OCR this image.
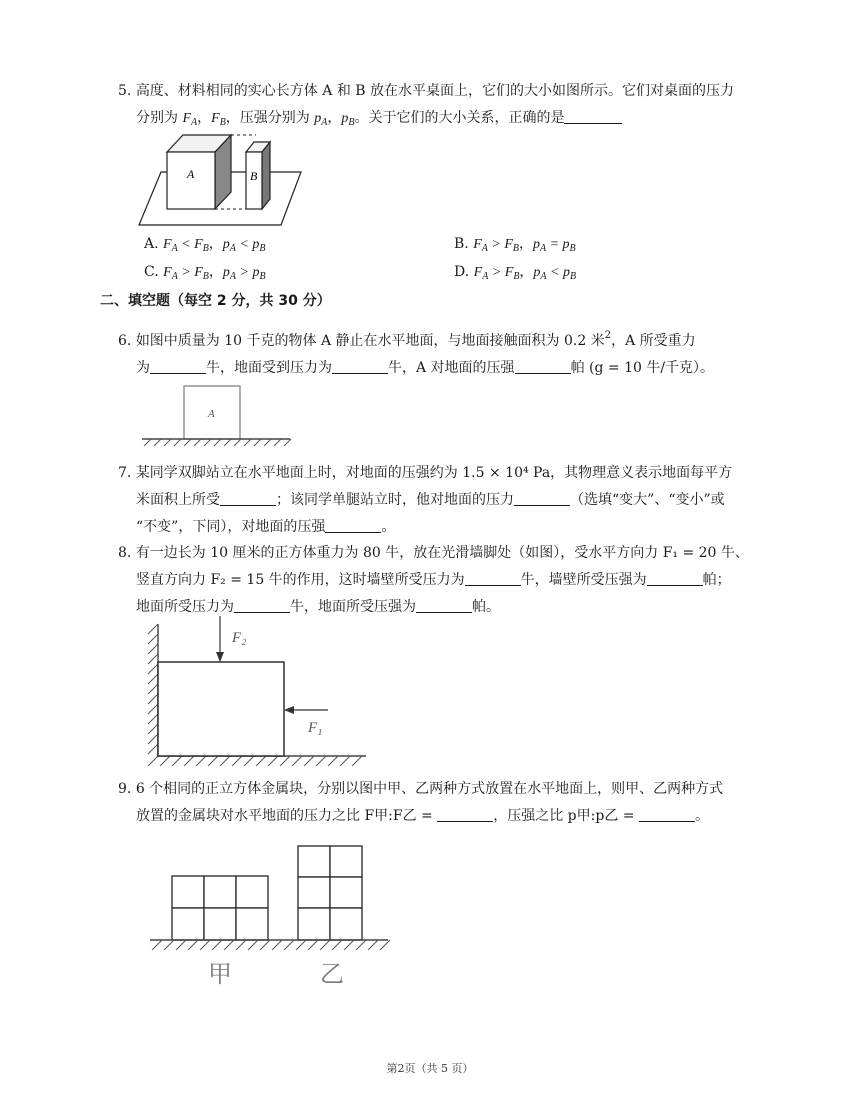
5. 高度、材料相同的实心长方体 A 和 B 放在水平桌面上，它们的大小如图所示。它们对桌面的压力
分别为 $F_A$，$F_B$，压强分别为 $p_A$，$p_B$。关于它们的大小关系，正确的是
A	B
A. $F_A < F_B$，$p_A < p_B$	B. $F_A > F_B$，$p_A = p_B$
C. $F_A > F_B$，$p_A > p_B$	D. $F_A > F_B$，$p_A < p_B$
二、填空题（每空 2 分，共 30 分）
6. 如图中质量为 10 千克的物体 A 静止在水平地面，与地面接触面积为 0.2 米$^2$，A 所受重力
为	牛，地面受到压力为	牛，A 对地面的压强	帕 (g = 10 牛/千克）。
A
7. 某同学双脚站立在水平地面上时，对地面的压强约为 1.5 × 10⁴ Pa，其物理意义表示地面每平方
米面积上所受	；该同学单腿站立时，他对地面的压力	（选填“变大”、“变小”或
“不变”，下同），对地面的压强	。
8. 有一边长为 10 厘米的正方体重力为 80 牛，放在光滑墙脚处（如图），受水平方向力 F₁ = 20 牛、
竖直方向力 F₂ = 15 牛的作用，这时墙壁所受压力为	牛，墙壁所受压强为	帕；
地面所受压力为	牛，地面所受压强为	帕。
F₂
F₁
9. 6 个相同的正立方体金属块，分别以图中甲、乙两种方式放置在水平地面上，则甲、乙两种方式
放置的金属块对水平地面的压力之比 F甲:F乙 =	，压强之比 p甲:p乙 =	。
甲	乙
第2页（共 5 页）
